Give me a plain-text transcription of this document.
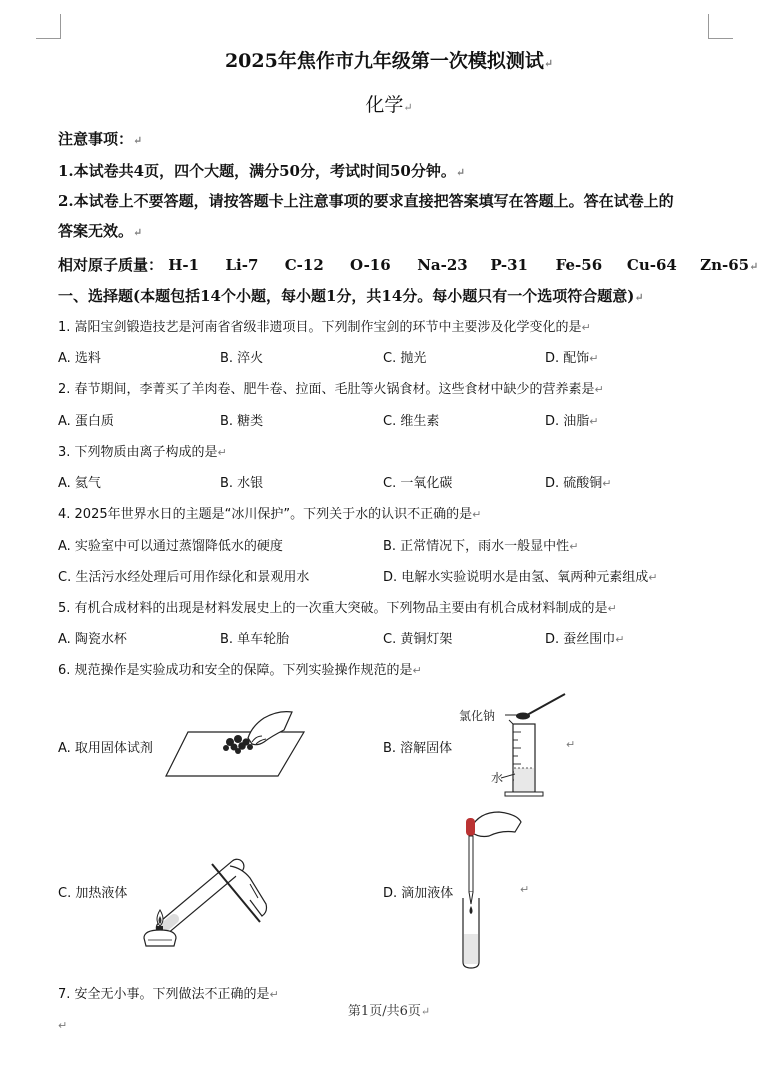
2025年焦作市九年级第一次模拟测试↵
化学↵
注意事项：↵
1.本试卷共4页，四个大题，满分50分，考试时间50分钟。↵
2.本试卷上不要答题，请按答题卡上注意事项的要求直接把答案填写在答题上。答在试卷上的
答案无效。↵
相对原子质量： H-1 Li-7 C-12 O-16 Na-23 P-31 Fe-56 Cu-64 Zn-65↵
一、选择题(本题包括14个小题，每小题1分，共14分。每小题只有一个选项符合题意)↵
1. 嵩阳宝剑锻造技艺是河南省省级非遗项目。下列制作宝剑的环节中主要涉及化学变化的是↵
A. 选料	B. 淬火	C. 抛光	D. 配饰↵
2. 春节期间，李菁买了羊肉卷、肥牛卷、拉面、毛肚等火锅食材。这些食材中缺少的营养素是↵
A. 蛋白质	B. 糖类	C. 维生素	D. 油脂↵
3. 下列物质由离子构成的是↵
A. 氦气	B. 水银	C. 一氧化碳	D. 硫酸铜↵
4. 2025年世界水日的主题是“冰川保护”。下列关于水的认识不正确的是↵
A. 实验室中可以通过蒸馏降低水的硬度	B. 正常情况下，雨水一般显中性↵
C. 生活污水经处理后可用作绿化和景观用水	D. 电解水实验说明水是由氢、氧两种元素组成↵
5. 有机合成材料的出现是材料发展史上的一次重大突破。下列物品主要由有机合成材料制成的是↵
A. 陶瓷水杯	B. 单车轮胎	C. 黄铜灯架	D. 蚕丝围巾↵
6. 规范操作是实验成功和安全的保障。下列实验操作规范的是↵
A. 取用固体试剂	B. 溶解固体	↵
C. 加热液体	D. 滴加液体	↵
氯化钠
水
7. 安全无小事。下列做法不正确的是↵
第1页/共6页↵
↵
